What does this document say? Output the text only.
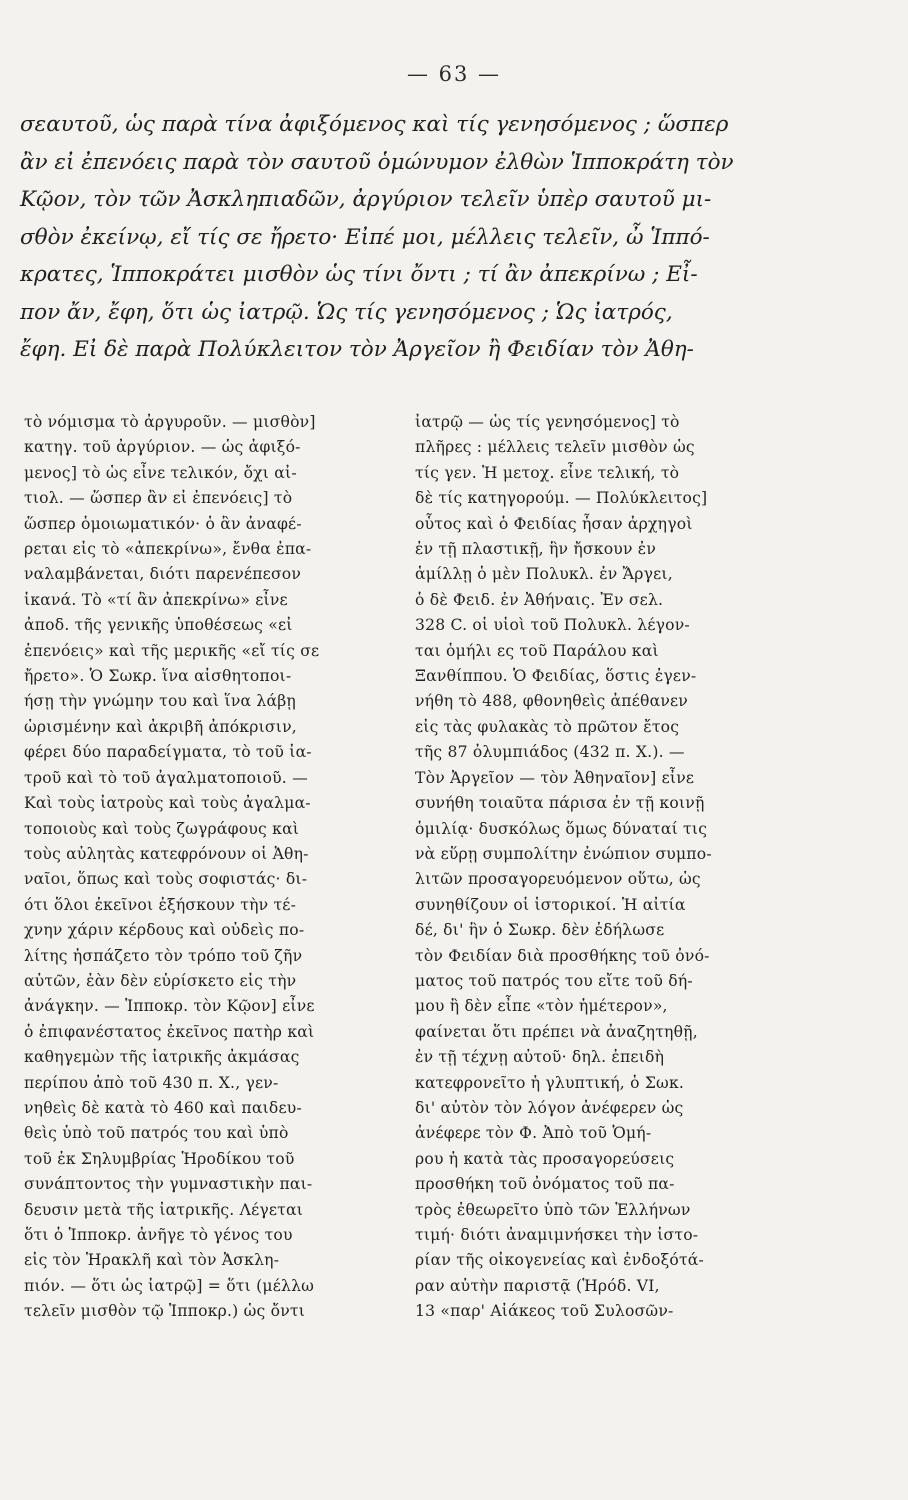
— 63 —
σεαυτοῦ, ὡς παρὰ τίνα ἀφιξόμενος καὶ τίς γενησόμενος ; ὥσπερ
ἂν εἰ ἐπενόεις παρὰ τὸν σαυτοῦ ὁμώνυμον ἐλθὼν Ἱπποκράτη τὸν
Κῷον, τὸν τῶν Ἀσκληπιαδῶν, ἀργύριον τελεῖν ὑπὲρ σαυτοῦ μι-
σθὸν ἐκείνῳ, εἴ τίς σε ἤρετο· Εἰπέ μοι, μέλλεις τελεῖν, ὦ Ἱππό-
κρατες, Ἱπποκράτει μισθὸν ὡς τίνι ὄντι ; τί ἂν ἀπεκρίνω ; Εἶ-
πον ἄν, ἔφη, ὅτι ὡς ἰατρῷ. Ὡς τίς γενησόμενος ; Ὡς ἰατρός,
ἔφη. Εἰ δὲ παρὰ Πολύκλειτον τὸν Ἀργεῖον ἢ Φειδίαν τὸν Ἀθη-
τὸ νόμισμα τὸ ἀργυροῦν. — μισθὸν]
κατηγ. τοῦ ἀργύριον. — ὡς ἀφιξό-
μενος] τὸ ὡς εἶνε τελικόν, ὄχι αἰ-
τιολ. — ὥσπερ ἂν εἰ ἐπενόεις] τὸ
ὥσπερ ὁμοιωματικόν· ὁ ἂν ἀναφέ-
ρεται εἰς τὸ «ἀπεκρίνω», ἔνθα ἐπα-
ναλαμβάνεται, διότι παρενέπεσον
ἱκανά. Τὸ «τί ἂν ἀπεκρίνω» εἶνε
ἀποδ. τῆς γενικῆς ὑποθέσεως «εἰ
ἐπενόεις» καὶ τῆς μερικῆς «εἴ τίς σε
ἤρετο». Ὁ Σωκρ. ἵνα αἰσθητοποι-
ήσῃ τὴν γνώμην του καὶ ἵνα λάβῃ
ὡρισμένην καὶ ἀκριβῆ ἀπόκρισιν,
φέρει δύο παραδείγματα, τὸ τοῦ ἰα-
τροῦ καὶ τὸ τοῦ ἀγαλματοποιοῦ. —
Καὶ τοὺς ἰατροὺς καὶ τοὺς ἀγαλμα-
τοποιοὺς καὶ τοὺς ζωγράφους καὶ
τοὺς αὐλητὰς κατεφρόνουν οἱ Ἀθη-
ναῖοι, ὅπως καὶ τοὺς σοφιστάς· δι-
ότι ὅλοι ἐκεῖνοι ἐξήσκουν τὴν τέ-
χνην χάριν κέρδους καὶ οὐδεὶς πο-
λίτης ἠσπάζετο τὸν τρόπο τοῦ ζῆν
αὐτῶν, ἐὰν δὲν εὑρίσκετο εἰς τὴν
ἀνάγκην. — Ἱπποκρ. τὸν Κῷον] εἶνε
ὁ ἐπιφανέστατος ἐκεῖνος πατὴρ καὶ
καθηγεμὼν τῆς ἰατρικῆς ἀκμάσας
περίπου ἀπὸ τοῦ 430 π. Χ., γεν-
νηθεὶς δὲ κατὰ τὸ 460 καὶ παιδευ-
θεὶς ὑπὸ τοῦ πατρός του καὶ ὑπὸ
τοῦ ἐκ Σηλυμβρίας Ἡροδίκου τοῦ
συνάπτοντος τὴν γυμναστικὴν παι-
δευσιν μετὰ τῆς ἰατρικῆς. Λέγεται
ὅτι ὁ Ἱπποκρ. ἀνῆγε τὸ γένος του
εἰς τὸν Ἡρακλῆ καὶ τὸν Ἀσκλη-
πιόν. — ὅτι ὡς ἰατρῷ] = ὅτι (μέλλω
τελεῖν μισθὸν τῷ Ἱπποκρ.) ὡς ὄντι
ἰατρῷ — ὡς τίς γενησόμενος] τὸ
πλῆρες : μέλλεις τελεῖν μισθὸν ὡς
τίς γεν. Ἡ μετοχ. εἶνε τελική, τὸ
δὲ τίς κατηγορούμ. — Πολύκλειτος]
οὗτος καὶ ὁ Φειδίας ἦσαν ἀρχηγοὶ
ἐν τῇ πλαστικῇ, ἣν ἤσκουν ἐν
ἁμίλλῃ ὁ μὲν Πολυκλ. ἐν Ἄργει,
ὁ δὲ Φειδ. ἐν Ἀθήναις. Ἐν σελ.
328 C. οἱ υἱοὶ τοῦ Πολυκλ. λέγον-
ται ὁμήλι ες τοῦ Παράλου καὶ
Ξανθίππου. Ὁ Φειδίας, ὅστις ἐγεν-
νήθη τὸ 488, φθονηθεὶς ἀπέθανεν
εἰς τὰς φυλακὰς τὸ πρῶτον ἔτος
τῆς 87 ὀλυμπιάδος (432 π. Χ.). —
Τὸν Ἀργεῖον — τὸν Ἀθηναῖον] εἶνε
συνήθη τοιαῦτα πάρισα ἐν τῇ κοινῇ
ὁμιλίᾳ· δυσκόλως ὅμως δύναταί τις
νὰ εὕρῃ συμπολίτην ἐνώπιον συμπο-
λιτῶν προσαγορευόμενον οὕτω, ὡς
συνηθίζουν οἱ ἱστορικοί. Ἡ αἰτία
δέ, δι' ἣν ὁ Σωκρ. δὲν ἐδήλωσε
τὸν Φειδίαν διὰ προσθήκης τοῦ ὀνό-
ματος τοῦ πατρός του εἴτε τοῦ δή-
μου ἢ δὲν εἶπε «τὸν ἡμέτερον»,
φαίνεται ὅτι πρέπει νὰ ἀναζητηθῇ,
ἐν τῇ τέχνῃ αὐτοῦ· δηλ. ἐπειδὴ
κατεφρονεῖτο ἡ γλυπτική, ὁ Σωκ.
δι' αὐτὸν τὸν λόγον ἀνέφερεν ὡς
ἀνέφερε τὸν Φ. Ἀπὸ τοῦ Ὁμή-
ρου ἡ κατὰ τὰς προσαγορεύσεις
προσθήκη τοῦ ὀνόματος τοῦ πα-
τρὸς ἐθεωρεῖτο ὑπὸ τῶν Ἑλλήνων
τιμή· διότι ἀναμιμνήσκει τὴν ἱστο-
ρίαν τῆς οἰκογενείας καὶ ἐνδοξότά-
ραν αὐτὴν παριστᾷ (Ἡρόδ. VI,
13 «παρ' Αἰάκεος τοῦ Συλοσῶν-
